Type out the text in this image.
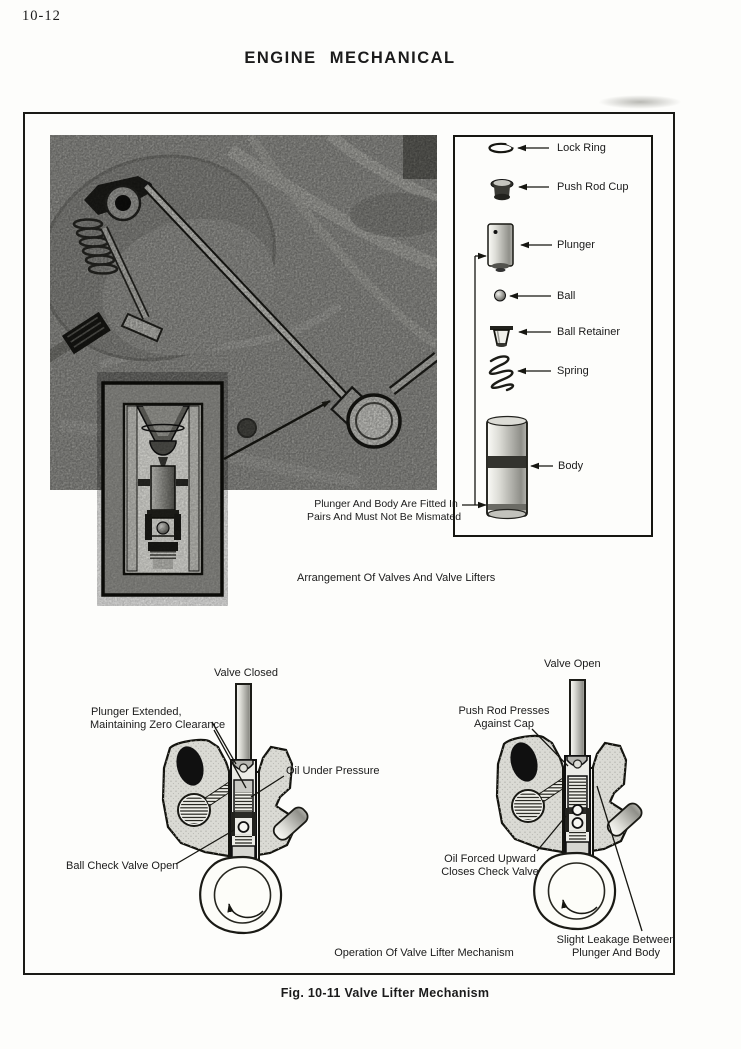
10-12
ENGINE MECHANICAL
Lock Ring
Push Rod Cup
Plunger
Ball
Ball Retainer
Spring
Body
Plunger And Body Are Fitted In
Pairs And Must Not Be Mismated
Arrangement Of Valves And Valve Lifters
Valve Closed
Plunger Extended,
Maintaining Zero Clearance
Oil Under Pressure
Ball Check Valve Open
Valve Open
Push Rod Presses
Against Cap
Oil Forced Upward
Closes Check Valve
Slight Leakage Between
Plunger And Body
Operation Of Valve Lifter Mechanism
Fig. 10-11 Valve Lifter Mechanism
